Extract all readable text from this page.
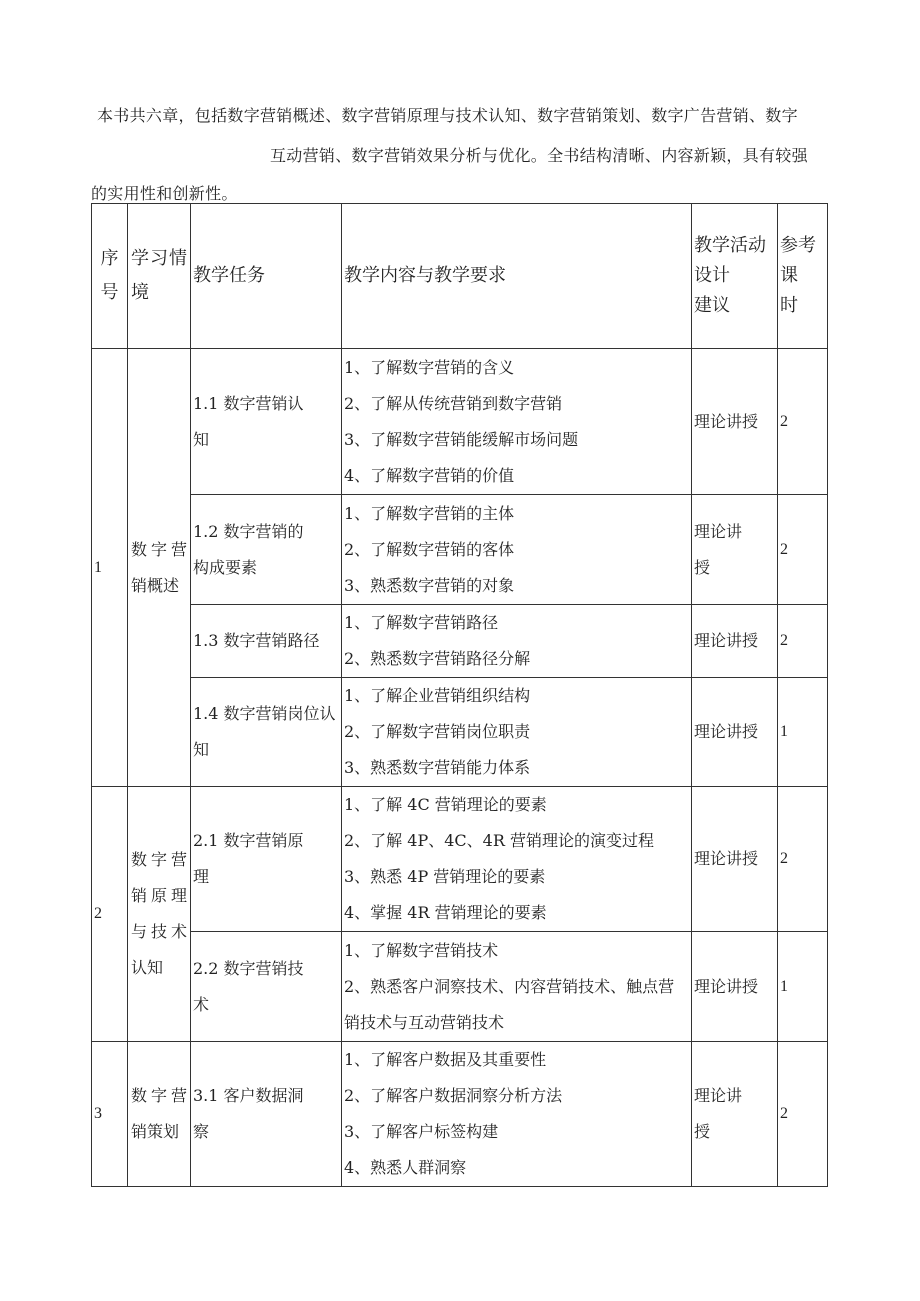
本书共六章，包括数字营销概述、数字营销原理与技术认知、数字营销策划、数字广告营销、数字
互动营销、数字营销效果分析与优化。全书结构清晰、内容新颖，具有较强
的实用性和创新性。
序
号	学习情
境	教学任务	教学内容与教学要求	教学活动
设计
建议	参考
课
时

1	数字营
销概述	1.1 数字营销认
知	1、了解数字营销的含义
2、了解从传统营销到数字营销
3、了解数字营销能缓解市场问题
4、了解数字营销的价值	理论讲授	2

		1.2 数字营销的
构成要素	1、了解数字营销的主体
2、了解数字营销的客体
3、熟悉数字营销的对象	理论讲
授	2

		1.3 数字营销路径	1、了解数字营销路径
2、熟悉数字营销路径分解	理论讲授	2

		1.4 数字营销岗位认
知	1、了解企业营销组织结构
2、了解数字营销岗位职责
3、熟悉数字营销能力体系	理论讲授	1
2	数字营
销原理
与技术
认知	2.1 数字营销原
理	1、了解 4C 营销理论的要素
2、了解 4P、4C、4R 营销理论的演变过程
3、熟悉 4P 营销理论的要素
4、掌握 4R 营销理论的要素	理论讲授	2

		2.2 数字营销技
术	1、了解数字营销技术
2、熟悉客户洞察技术、内容营销技术、触点营
销技术与互动营销技术	理论讲授	1
3	数字营
销策划	3.1 客户数据洞
察	1、了解客户数据及其重要性
2、了解客户数据洞察分析方法
3、了解客户标签构建
4、熟悉人群洞察	理论讲
授	2
